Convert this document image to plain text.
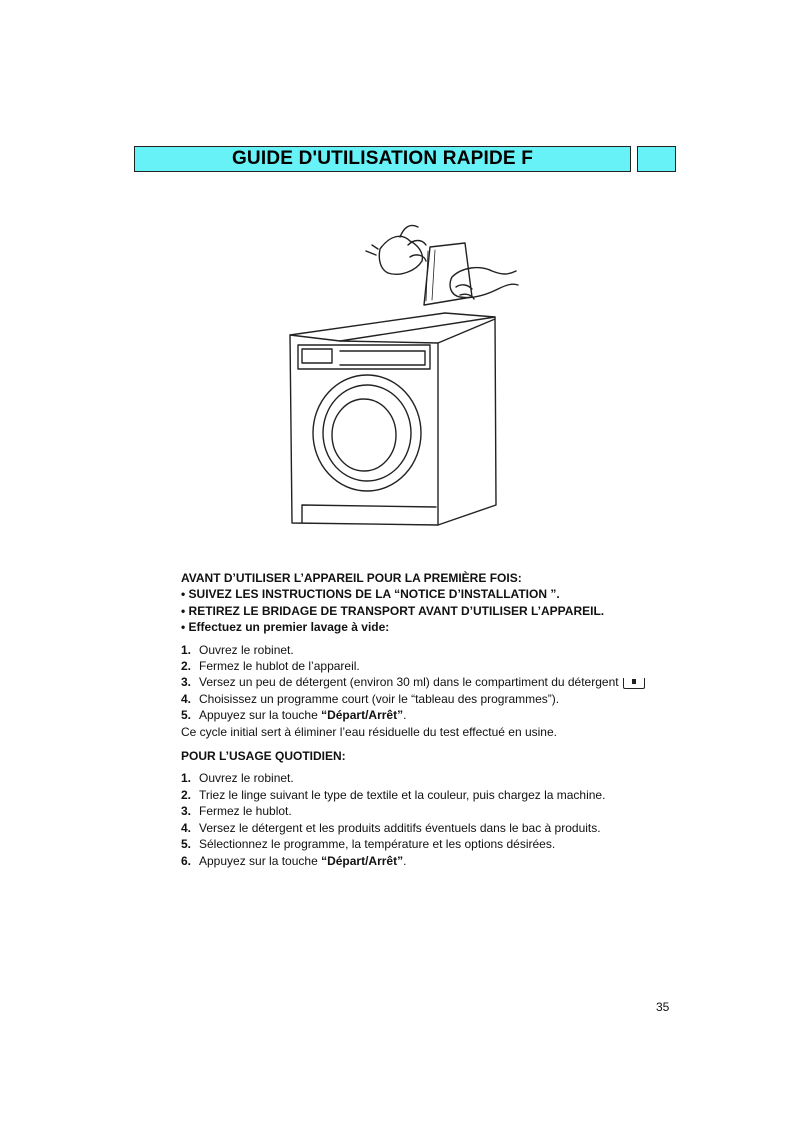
GUIDE D'UTILISATION RAPIDE F
AVANT D’UTILISER L’APPAREIL POUR LA PREMIÈRE FOIS:
• SUIVEZ LES INSTRUCTIONS DE LA “NOTICE D’INSTALLATION ”.
• RETIREZ LE BRIDAGE DE TRANSPORT AVANT D’UTILISER L’APPAREIL.
• Effectuez un premier lavage à vide:
1. Ouvrez le robinet.
2. Fermez le hublot de l’appareil.
3. Versez un peu de détergent (environ 30 ml) dans le compartiment du détergent
4. Choisissez un programme court (voir le “tableau des programmes”).
5. Appuyez sur la touche “Départ/Arrêt”.
Ce cycle initial sert à éliminer l’eau résiduelle du test effectué en usine.
POUR L’USAGE QUOTIDIEN:
1. Ouvrez le robinet.
2. Triez le linge suivant le type de textile et la couleur, puis chargez la machine.
3. Fermez le hublot.
4. Versez le détergent et les produits additifs éventuels dans le bac à produits.
5. Sélectionnez le programme, la température et les options désirées.
6. Appuyez sur la touche “Départ/Arrêt”.
35
